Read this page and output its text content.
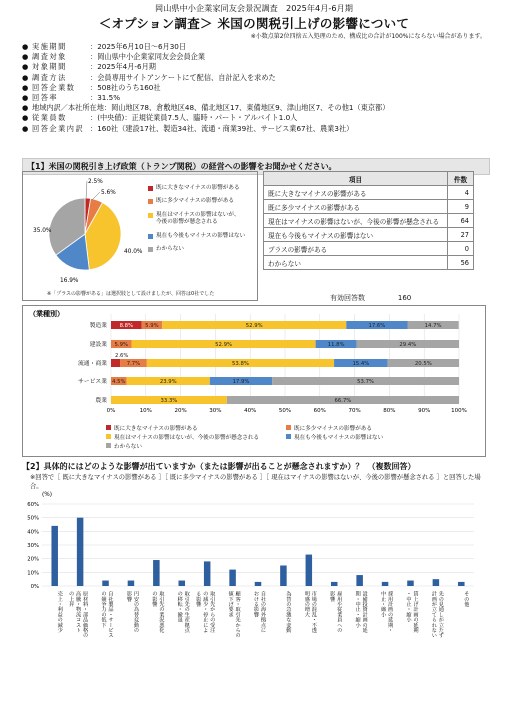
岡山県中小企業家同友会景況調査　2025年4月-6月期
＜オプション調査＞ 米国の関税引上げの影響について
※小数点第2位四捨五入処理のため、構成比の合計が100%にならない場合があります。
● 実施期間	：2025年6月10日～6月30日
● 調査対象	：岡山県中小企業家同友会会員企業
● 対象期間	：2025年4月-6月期
● 調査方法	：会員専用サイトアンケートにて配信、自計記入を求めた
● 回答企業数	：508社のうち160社
● 回答率	：31.5%
● 地域内訳／本社所在地 ：岡山地区78、倉敷地区48、備北地区17、東備地区9、津山地区7、その他1（東京都）
● 従業員数	：(中央値)：正規従業員7.5人、臨時・パート・アルバイト1.0人
● 回答企業内訳 ：160社（建設17社、製造34社、流通・商業39社、サービス業67社、農業3社）
【1】米国の関税引き上げ政策（トランプ関税）の経営への影響をお聞かせください。
2.5%
5.6%
40.0%
16.9%
35.0%
既に大きなマイナスの影響がある
既に多少マイナスの影響がある
現在はマイナスの影響はないが、
今後の影響が懸念される
現在も今後もマイナスの影響はない
わからない
※「プラスの影響がある」は選択肢として設けましたが、回答は0社でした
項目	件数
既に大きなマイナスの影響がある	4
既に多少マイナスの影響がある	9
現在はマイナスの影響はないが、今後の影響が懸念される	64
現在も今後もマイナスの影響はない	27
プラスの影響がある	0
わからない	56
有効回答数	160
（業種別）
0%	10%	20%	30%	40%	50%	60%	70%	80%	90%	100%
製造業 8.8% 5.9%	52.9%	17.6%	14.7%
建設業 5.9%	52.9%	11.8%	29.4%
流通・商業
2.6%
7.7%	53.8%	15.4%	20.5%
サービス業 4.5%	23.9%	17.9%	53.7%
農業	33.3%	66.7%
既に大きなマイナスの影響がある	既に多少マイナスの影響がある
現在はマイナスの影響はないが、今後の影響が懸念される	現在も今後もマイナスの影響はない
わからない
【2】具体的にはどのような影響が出ていますか（または影響が出ることが懸念されますか）？　（複数回答）
※回答で［ 既に大きなマイナスの影響がある ］［ 既に多少マイナスの影響がある ］［ 現在はマイナスの影響はないが、今後の影響が懸念される ］と回答した場合。
(%)
0%
10%
20%
30%
40%
50%
60%
売上・利益の減少	原材料・部品価格の
高騰・物流コスト
の上昇	自社製品・サービス
の競争力の低下	円安の為替変動の
影響	取引先の業況悪化
の影響	取引先の生産拠点
の移転・撤退	取引先からの受注
の減少・停止によ
る影響	顧客・取引先からの
値下げ要求	自社の海外拠点に
おける影響	為替の急激な変動	市場の混乱・不透
明感の増大	雇用や従業員への
影響	設備投資計画の延
期・中止・縮小	採用計画の延期・
中止・縮小	賃上げ計画の延期
・中止・縮小	先の見通しが立たず
計画が立てられない	その他
